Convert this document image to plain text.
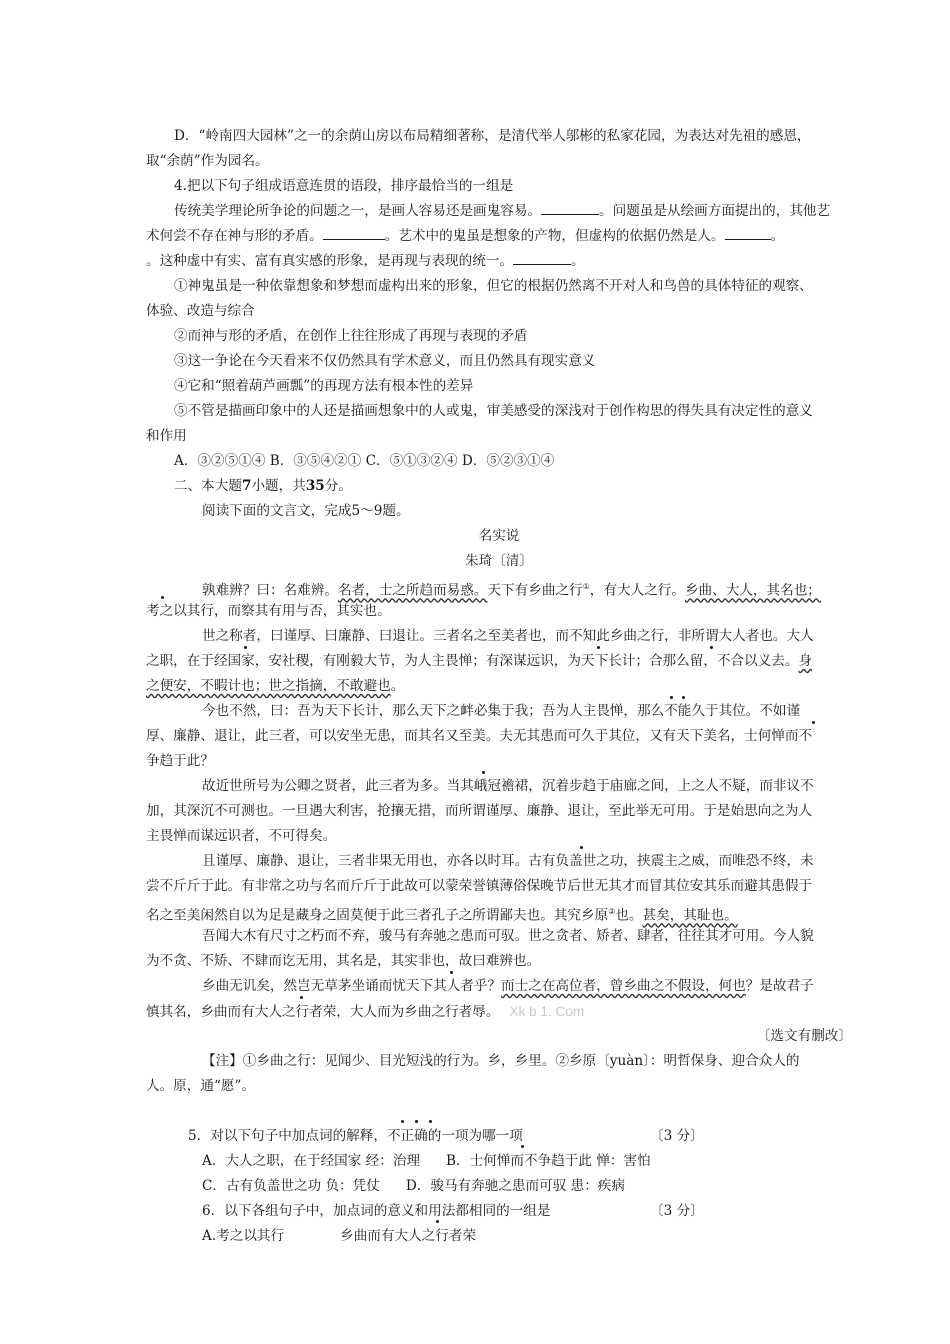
D．“岭南四大园林”之一的余荫山房以布局精细著称，是清代举人邬彬的私家花园，为表达对先祖的感恩，
取“余荫”作为园名。
4.把以下句子组成语意连贯的语段，排序最恰当的一组是
传统美学理论所争论的问题之一，是画人容易还是画鬼容易。	。问题虽是从绘画方面提出的，其他艺
术何尝不存在神与形的矛盾。	。艺术中的鬼虽是想象的产物，但虚构的依据仍然是人。	。
。这种虚中有实、富有真实感的形象，是再现与表现的统一。	。
①神鬼虽是一种依靠想象和梦想而虚构出来的形象，但它的根据仍然离不开对人和鸟兽的具体特征的观察、
体验、改造与综合
②而神与形的矛盾，在创作上往往形成了再现与表现的矛盾
③这一争论在今天看来不仅仍然具有学术意义，而且仍然具有现实意义
④它和“照着葫芦画瓢”的再现方法有根本性的差异
⑤不管是描画印象中的人还是描画想象中的人或鬼，审美感受的深浅对于创作构思的得失具有决定性的意义
和作用
A．③②⑤①④ B．③⑤④②① C．⑤①③②④ D．⑤②③①④
二、本大题7小题，共35分。
阅读下面的文言文，完成5～9题。
名实说
朱琦〔清〕
孰难辨？曰：名难辨。名者，士之所趋而易惑。天下有乡曲之行①，有大人之行。乡曲、大人，其名也；
考之以其行，而察其有用与否，其实也。
世之称者，曰谨厚、曰廉静、曰退让。三者名之至美者也，而不知此乡曲之行，非所谓大人者也。大人
之职，在于经国家，安社稷，有刚毅大节，为人主畏惮；有深谋远识，为天下长计；合那么留，不合以义去。身
之便安，不暇计也；世之指摘，不敢避也。
今也不然，曰：吾为天下长计，那么天下之衅必集于我；吾为人主畏惮，那么不能久于其位。不如谨
厚、廉静、退让，此三者，可以安坐无患，而其名又至美。夫无其患而可久于其位，又有天下美名，士何惮而不
争趋于此？
故近世所号为公卿之贤者，此三者为多。当其峨冠襜裙，沉着步趋于庙廊之间，上之人不疑，而非议不
加，其深沉不可测也。一旦遇大利害，抢攘无措，而所谓谨厚、廉静、退让，至此举无可用。于是始思向之为人
主畏惮而谋远识者，不可得矣。
且谨厚、廉静、退让，三者非果无用也，亦各以时耳。古有负盖世之功，挟震主之威，而唯恐不终，未
尝不斤斤于此。有非常之功与名而斤斤于此故可以蒙荣誉镇薄俗保晚节后世无其才而冒其位安其乐而避其患假于
名之至美闲然自以为足是藏身之固莫便于此三者孔子之所谓鄙夫也。其究乡原②也。甚矣，其耻也。
吾闻大木有尺寸之朽而不弃，骏马有奔驰之患而可驭。世之贪者、矫者、肆者，往往其才可用。今人貌
为不贪、不矫、不肆而讫无用，其名是，其实非也，故曰难辨也。
乡曲无讥矣，然岂无草茅坐诵而忧天下其人者乎？而士之在高位者，曾乡曲之不假设，何也？是故君子
慎其名，乡曲而有大人之行者荣，大人而为乡曲之行者辱。 Xk b 1. Com
〔选文有删改〕
【注】①乡曲之行：见闻少、目光短浅的行为。乡，乡里。②乡原〔yuàn〕：明哲保身、迎合众人的
人。原，通“愿”。
5．对以下句子中加点词的解释，不正确的一项为哪一项	〔3 分〕
A．大人之职，在于经国家 经：治理 B．士何惮而不争趋于此 惮：害怕
C．古有负盖世之功 负：凭仗 D．骏马有奔驰之患而可驭 患：疾病
6．以下各组句子中，加点词的意义和用法都相同的一组是	〔3 分〕
A.考之以其行	乡曲而有大人之行者荣
